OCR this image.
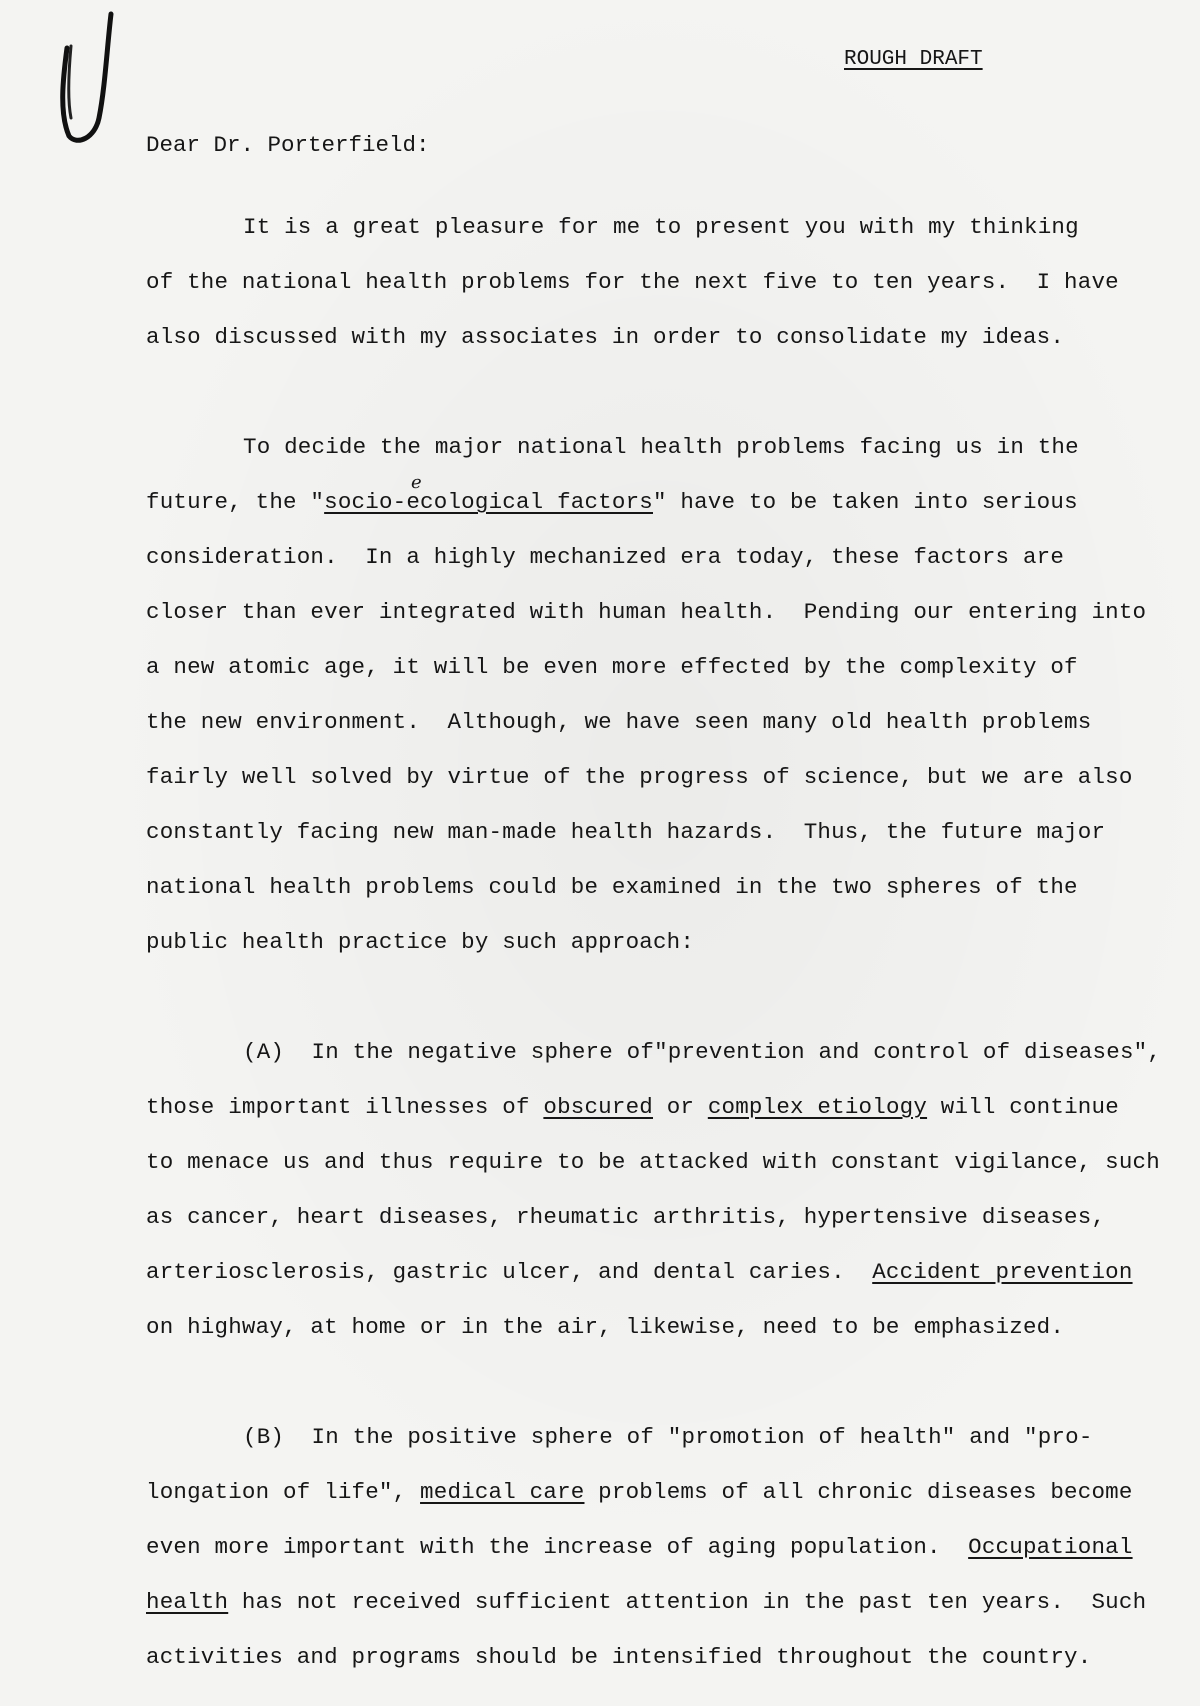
ROUGH DRAFT
Dear Dr. Porterfield:

It is a great pleasure for me to present you with my thinking

of the national health problems for the next five to ten years.  I have

also discussed with my associates in order to consolidate my ideas.

To decide the major national health problems facing us in the

future, the "socio-ecological factors" have to be taken into serious

e

consideration.  In a highly mechanized era today, these factors are

closer than ever integrated with human health.  Pending our entering into

a new atomic age, it will be even more effected by the complexity of

the new environment.  Although, we have seen many old health problems

fairly well solved by virtue of the progress of science, but we are also

constantly facing new man-made health hazards.  Thus, the future major

national health problems could be examined in the two spheres of the

public health practice by such approach:

(A)  In the negative sphere of"prevention and control of diseases",

those important illnesses of obscured or complex etiology will continue

to menace us and thus require to be attacked with constant vigilance, such

as cancer, heart diseases, rheumatic arthritis, hypertensive diseases,

arteriosclerosis, gastric ulcer, and dental caries.  Accident prevention

on highway, at home or in the air, likewise, need to be emphasized.

(B)  In the positive sphere of "promotion of health" and "pro-

longation of life", medical care problems of all chronic diseases become

even more important with the increase of aging population.  Occupational

health has not received sufficient attention in the past ten years.  Such

activities and programs should be intensified throughout the country.
